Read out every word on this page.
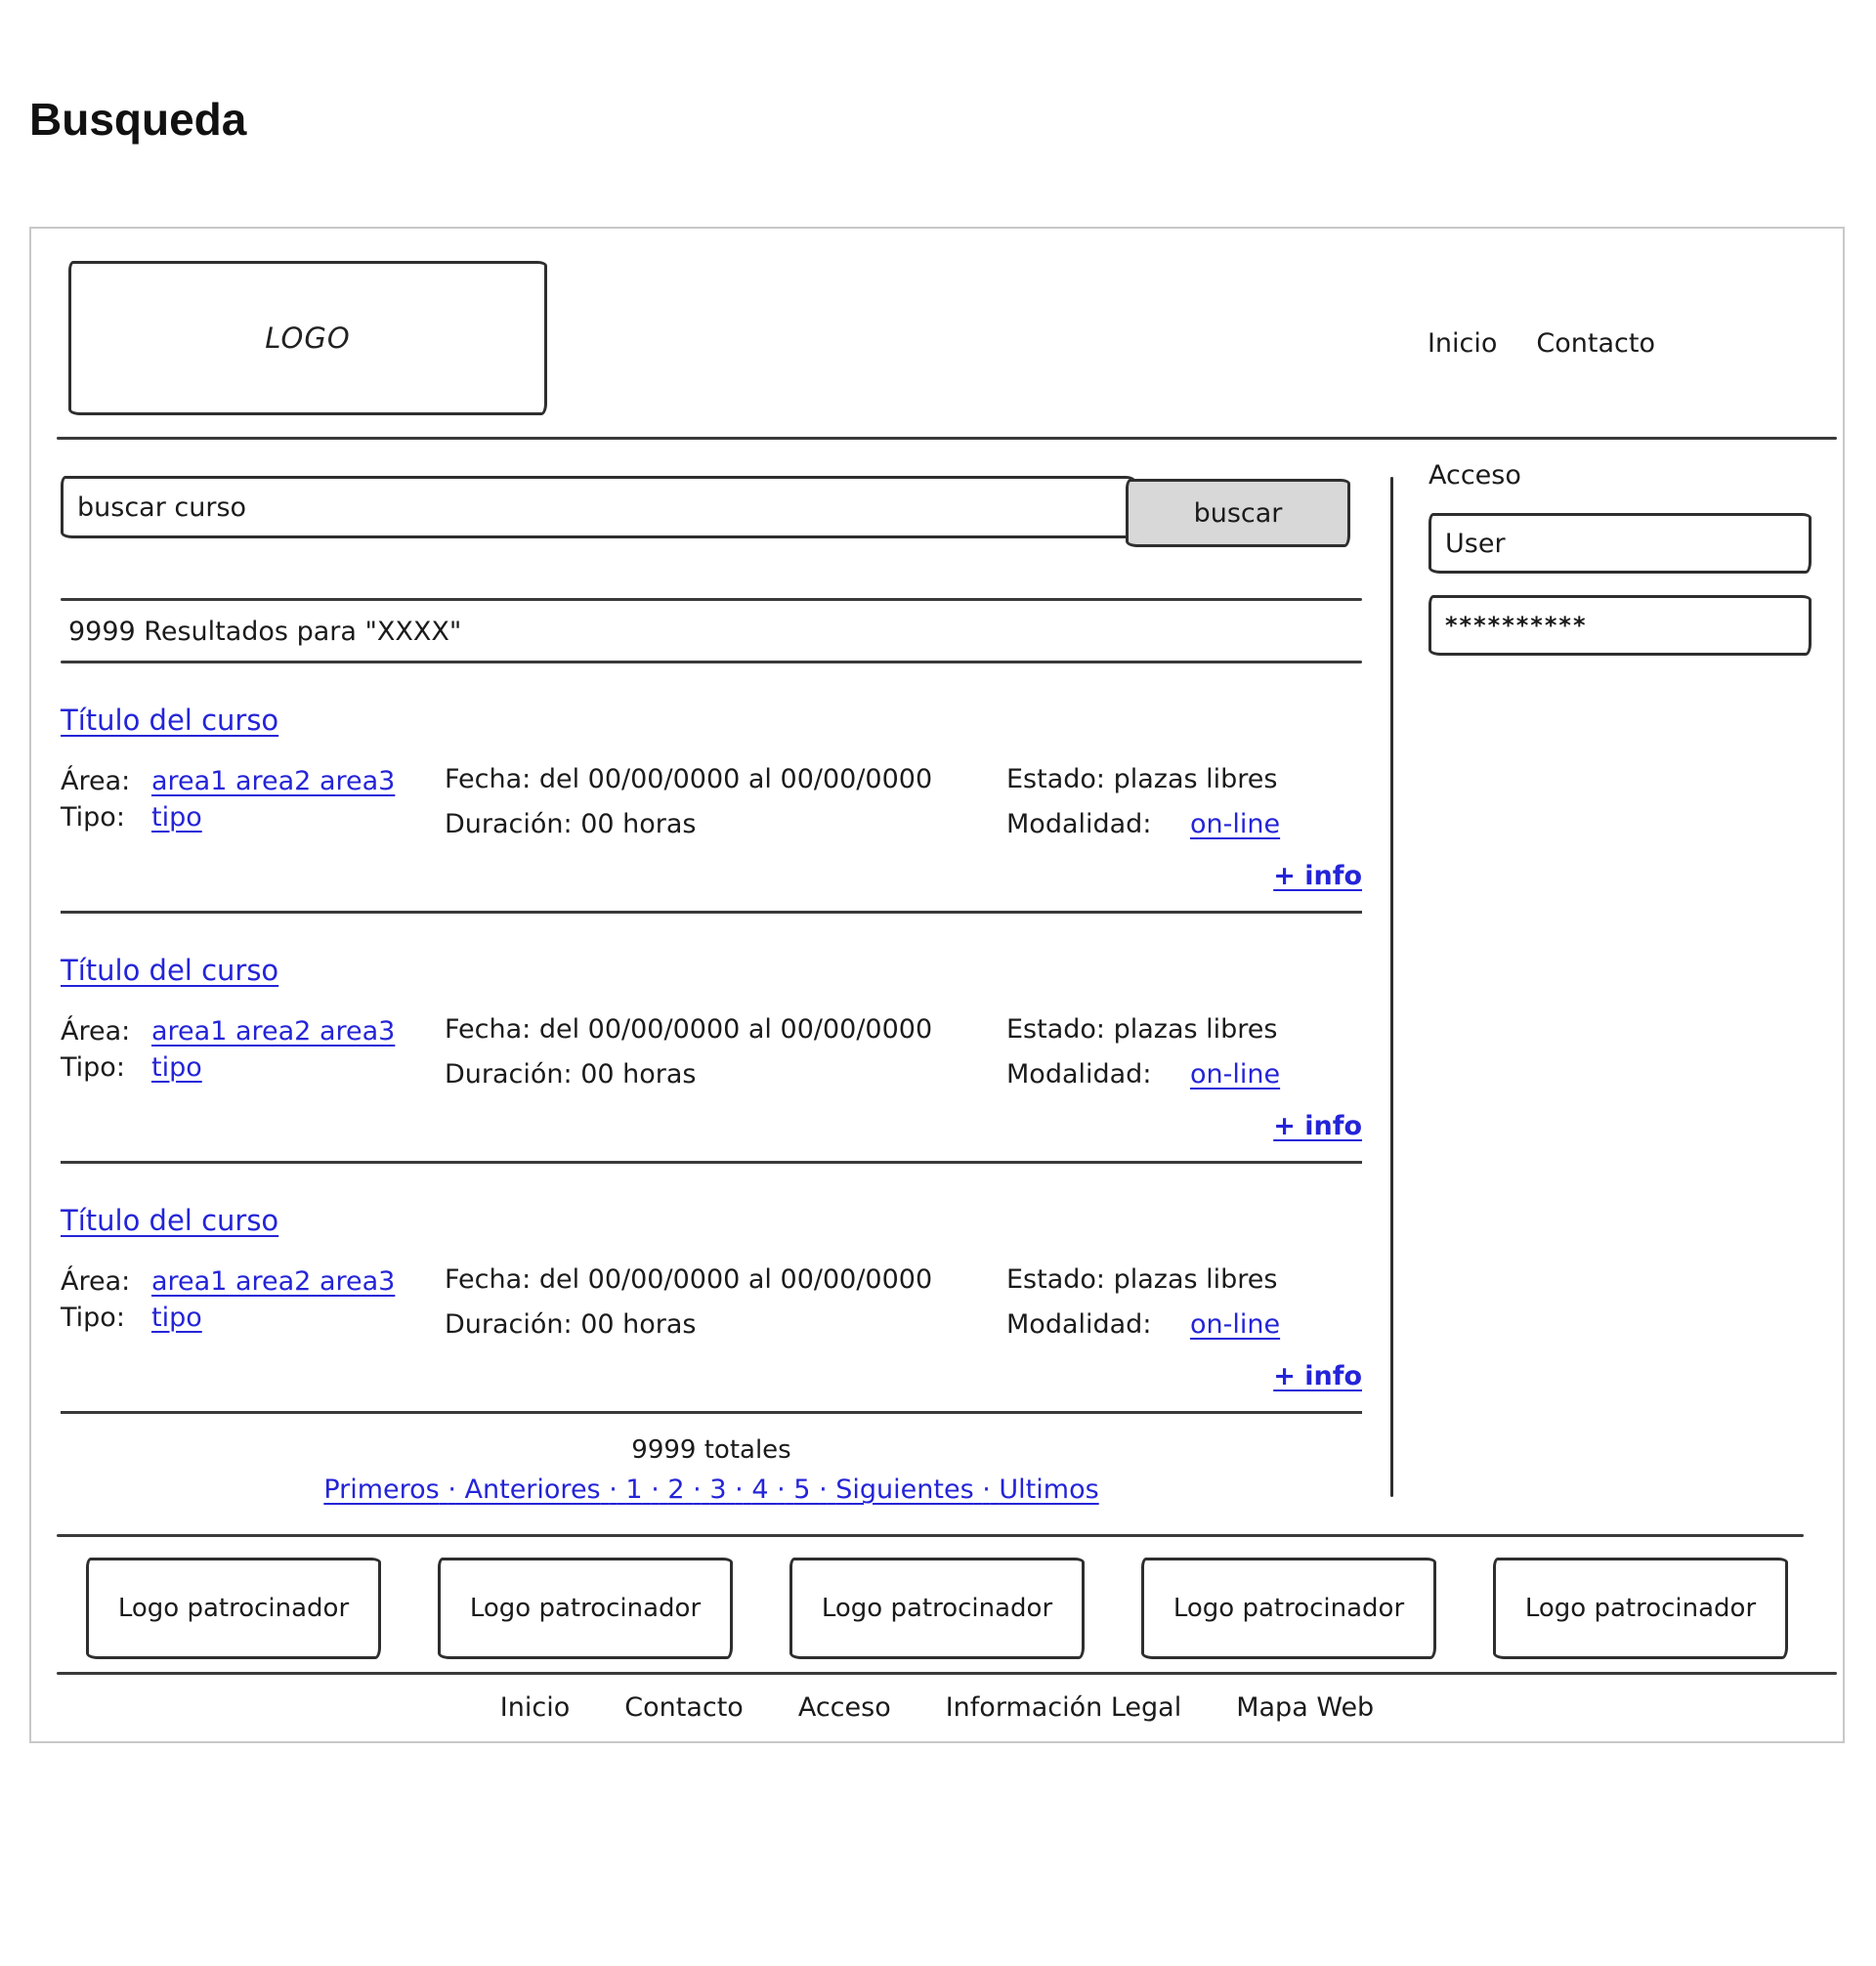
Busqueda
LOGO	Inicio Contacto
buscar curso
buscar
Acceso
User
**********
9999 Resultados para "XXXX"
Título del curso
Área: area1 area2 area3
Tipo: tipo
Fecha: del 00/00/0000 al 00/00/0000
Duración: 00 horas
Estado: plazas libres
Modalidad: on-line
+ info
Título del curso
Área: area1 area2 area3
Tipo: tipo
Fecha: del 00/00/0000 al 00/00/0000
Duración: 00 horas
Estado: plazas libres
Modalidad: on-line
+ info
Título del curso
Área: area1 area2 area3
Tipo: tipo
Fecha: del 00/00/0000 al 00/00/0000
Duración: 00 horas
Estado: plazas libres
Modalidad: on-line
+ info
9999 totales
Primeros · Anteriores · 1 · 2 · 3 · 4 · 5 · Siguientes · Ultimos
Logo patrocinador	Logo patrocinador	Logo patrocinador	Logo patrocinador	Logo patrocinador
Inicio Contacto Acceso Información Legal Mapa Web
